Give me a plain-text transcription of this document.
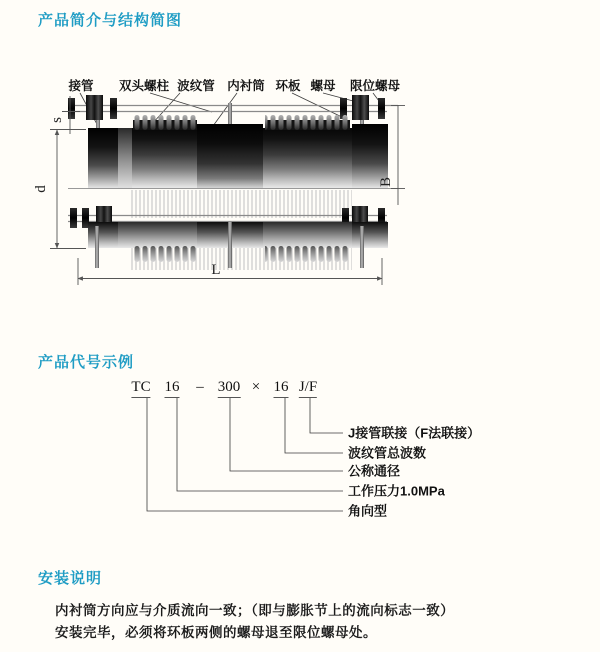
产品简介与结构简图
接管 双头螺柱 波纹管 内衬筒 环板 螺母 限位螺母
s
d
B
L
产品代号示例
TC 16 – 300 × 16 J/F
J接管联接（F法联接）
波纹管总波数
公称通径
工作压力1.0MPa
角向型
安装说明
内衬筒方向应与介质流向一致；（即与膨胀节上的流向标志一致）
安装完毕，必须将环板两侧的螺母退至限位螺母处。
